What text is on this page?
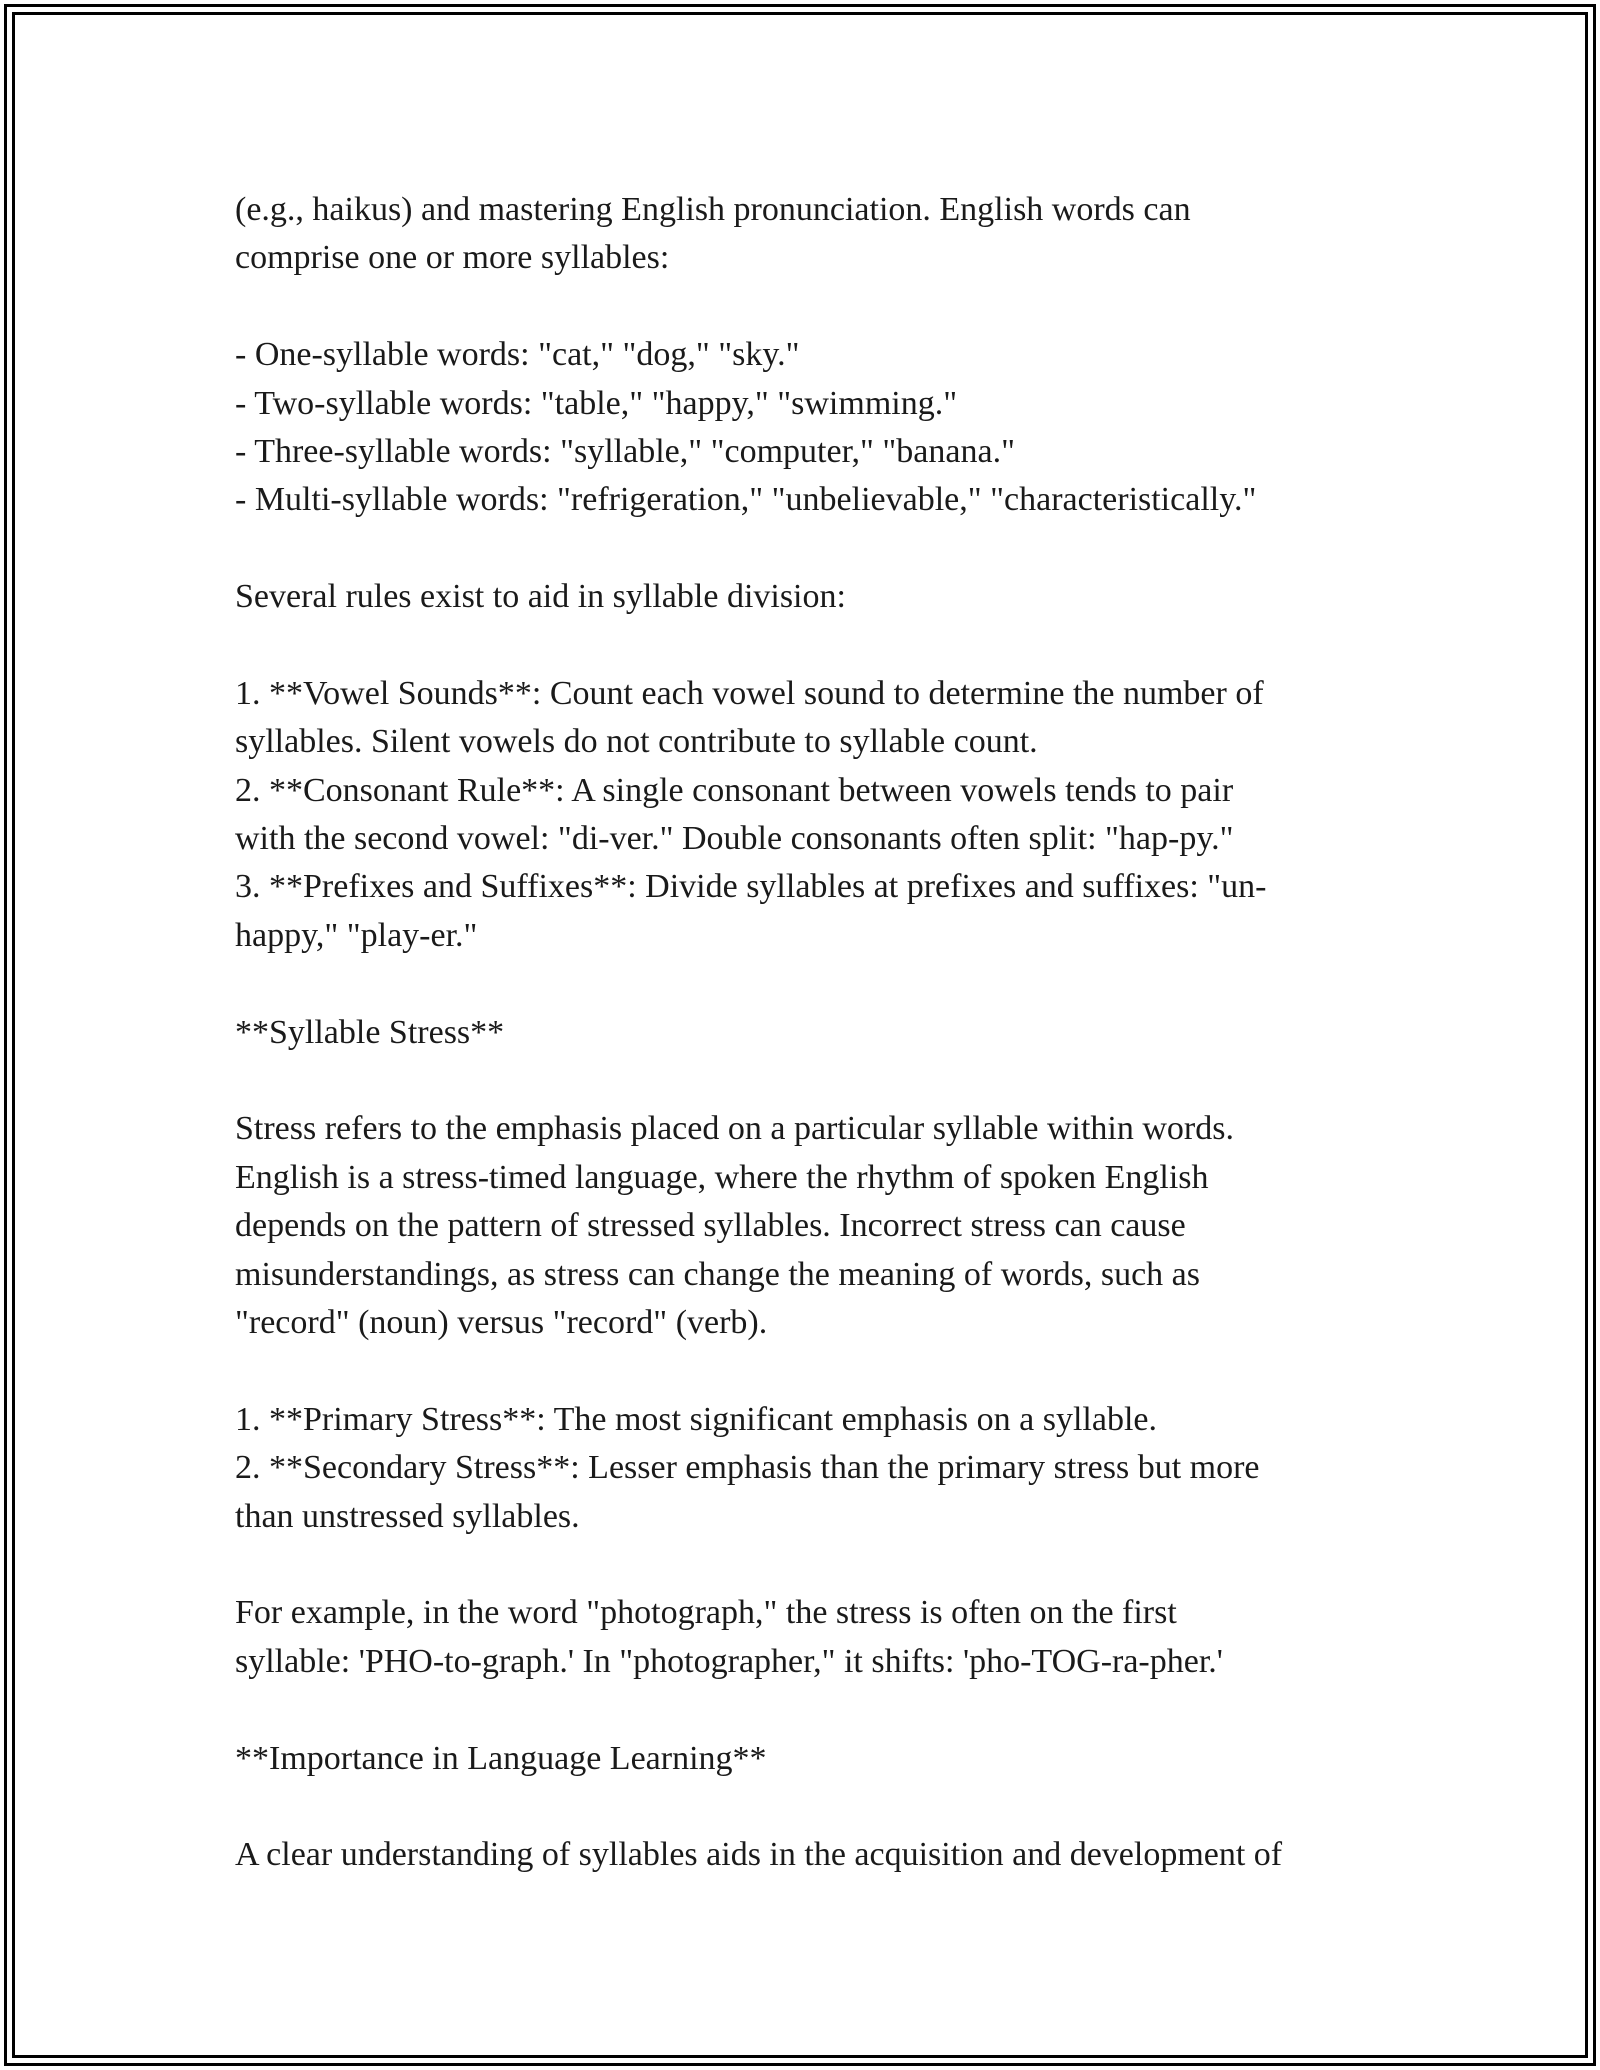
(e.g., haikus) and mastering English pronunciation. English words can
comprise one or more syllables:
- One-syllable words: "cat," "dog," "sky."
- Two-syllable words: "table," "happy," "swimming."
- Three-syllable words: "syllable," "computer," "banana."
- Multi-syllable words: "refrigeration," "unbelievable," "characteristically."
Several rules exist to aid in syllable division:
1. **Vowel Sounds**: Count each vowel sound to determine the number of
syllables. Silent vowels do not contribute to syllable count.
2. **Consonant Rule**: A single consonant between vowels tends to pair
with the second vowel: "di-ver." Double consonants often split: "hap-py."
3. **Prefixes and Suffixes**: Divide syllables at prefixes and suffixes: "un-
happy," "play-er."
**Syllable Stress**
Stress refers to the emphasis placed on a particular syllable within words.
English is a stress-timed language, where the rhythm of spoken English
depends on the pattern of stressed syllables. Incorrect stress can cause
misunderstandings, as stress can change the meaning of words, such as
"record" (noun) versus "record" (verb).
1. **Primary Stress**: The most significant emphasis on a syllable.
2. **Secondary Stress**: Lesser emphasis than the primary stress but more
than unstressed syllables.
For example, in the word "photograph," the stress is often on the first
syllable: 'PHO-to-graph.' In "photographer," it shifts: 'pho-TOG-ra-pher.'
**Importance in Language Learning**
A clear understanding of syllables aids in the acquisition and development of
